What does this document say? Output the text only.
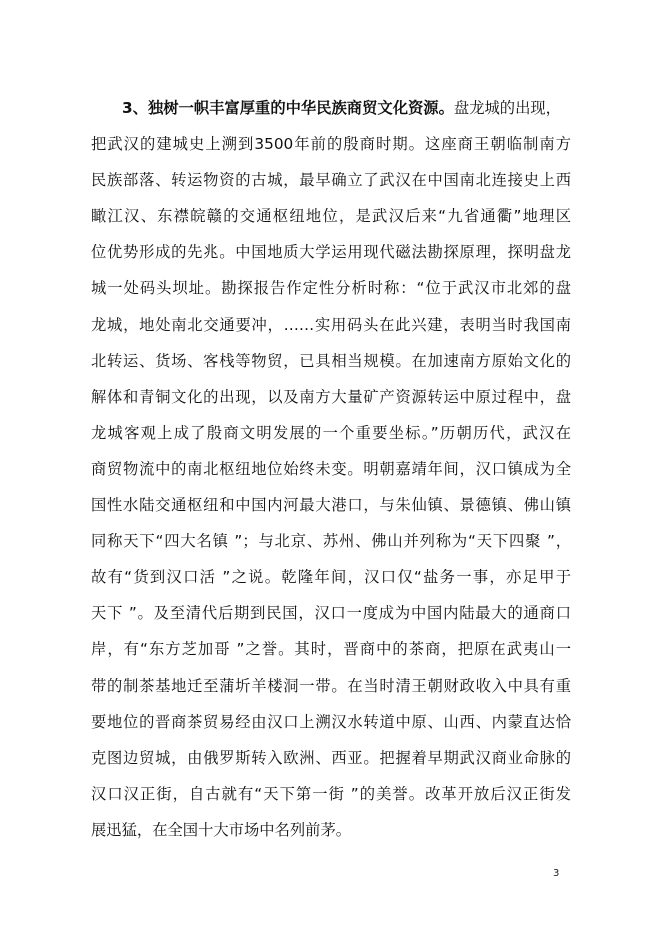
3、独树一帜丰富厚重的中华民族商贸文化资源。盘龙城的出现，
把武汉的建城史上溯到3500年前的殷商时期。这座商王朝临制南方
民族部落、转运物资的古城，最早确立了武汉在中国南北连接史上西
瞰江汉、东襟皖赣的交通枢纽地位，是武汉后来“九省通衢”地理区
位优势形成的先兆。中国地质大学运用现代磁法勘探原理，探明盘龙
城一处码头坝址。勘探报告作定性分析时称：“位于武汉市北郊的盘
龙城，地处南北交通要冲，……实用码头在此兴建，表明当时我国南
北转运、货场、客栈等物贸，已具相当规模。在加速南方原始文化的
解体和青铜文化的出现，以及南方大量矿产资源转运中原过程中，盘
龙城客观上成了殷商文明发展的一个重要坐标。”历朝历代，武汉在
商贸物流中的南北枢纽地位始终未变。明朝嘉靖年间，汉口镇成为全
国性水陆交通枢纽和中国内河最大港口，与朱仙镇、景德镇、佛山镇
同称天下“四大名镇 ”；与北京、苏州、佛山并列称为“天下四聚 ”，
故有“货到汉口活 ”之说。乾隆年间，汉口仅“盐务一事，亦足甲于
天下 ”。及至清代后期到民国，汉口一度成为中国内陆最大的通商口
岸，有“东方芝加哥 ”之誉。其时，晋商中的茶商，把原在武夷山一
带的制茶基地迁至蒲圻羊楼洞一带。在当时清王朝财政收入中具有重
要地位的晋商茶贸易经由汉口上溯汉水转道中原、山西、内蒙直达恰
克图边贸城，由俄罗斯转入欧洲、西亚。把握着早期武汉商业命脉的
汉口汉正街，自古就有“天下第一街 ”的美誉。改革开放后汉正街发
展迅猛，在全国十大市场中名列前茅。
3
